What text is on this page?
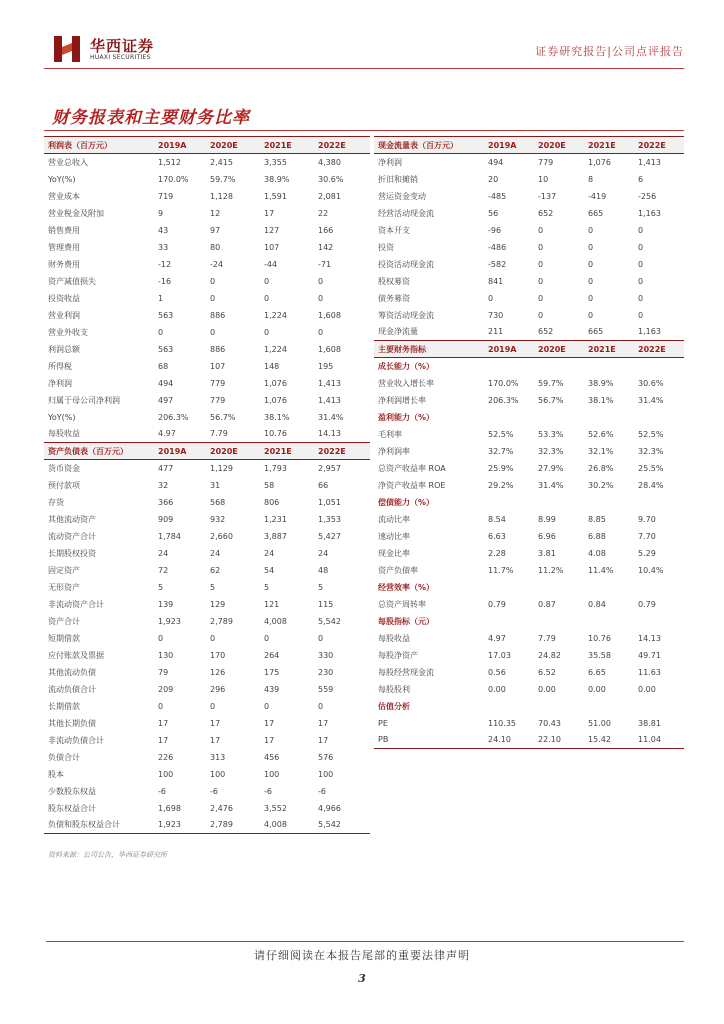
华西证券
HUAXI SECURITIES	证券研究报告|公司点评报告
财务报表和主要财务比率
利润表（百万元）	2019A	2020E	2021E	2022E
营业总收入	1,512	2,415	3,355	4,380
YoY(%)	170.0%	59.7%	38.9%	30.6%
营业成本	719	1,128	1,591	2,081
营业税金及附加	9	12	17	22
销售费用	43	97	127	166
管理费用	33	80	107	142
财务费用	-12	-24	-44	-71
资产减值损失	-16	0	0	0
投资收益	1	0	0	0
营业利润	563	886	1,224	1,608
营业外收支	0	0	0	0
利润总额	563	886	1,224	1,608
所得税	68	107	148	195
净利润	494	779	1,076	1,413
归属于母公司净利润	497	779	1,076	1,413
YoY(%)	206.3%	56.7%	38.1%	31.4%
每股收益	4.97	7.79	10.76	14.13
资产负债表（百万元）	2019A	2020E	2021E	2022E
货币资金	477	1,129	1,793	2,957
预付款项	32	31	58	66
存货	366	568	806	1,051
其他流动资产	909	932	1,231	1,353
流动资产合计	1,784	2,660	3,887	5,427
长期股权投资	24	24	24	24
固定资产	72	62	54	48
无形资产	5	5	5	5
非流动资产合计	139	129	121	115
资产合计	1,923	2,789	4,008	5,542
短期借款	0	0	0	0
应付账款及票据	130	170	264	330
其他流动负债	79	126	175	230
流动负债合计	209	296	439	559
长期借款	0	0	0	0
其他长期负债	17	17	17	17
非流动负债合计	17	17	17	17
负债合计	226	313	456	576
股本	100	100	100	100
少数股东权益	-6	-6	-6	-6
股东权益合计	1,698	2,476	3,552	4,966
负债和股东权益合计	1,923	2,789	4,008	5,542
现金流量表（百万元）	2019A	2020E	2021E	2022E
净利润	494	779	1,076	1,413
折旧和摊销	20	10	8	6
营运资金变动	-485	-137	-419	-256
经营活动现金流	56	652	665	1,163
资本开支	-96	0	0	0
投资	-486	0	0	0
投资活动现金流	-582	0	0	0
股权募资	841	0	0	0
债务募资	0	0	0	0
筹资活动现金流	730	0	0	0
现金净流量	211	652	665	1,163
主要财务指标	2019A	2020E	2021E	2022E
成长能力（%）				
营业收入增长率	170.0%	59.7%	38.9%	30.6%
净利润增长率	206.3%	56.7%	38.1%	31.4%
盈利能力（%）				
毛利率	52.5%	53.3%	52.6%	52.5%
净利润率	32.7%	32.3%	32.1%	32.3%
总资产收益率 ROA	25.9%	27.9%	26.8%	25.5%
净资产收益率 ROE	29.2%	31.4%	30.2%	28.4%
偿债能力（%）				
流动比率	8.54	8.99	8.85	9.70
速动比率	6.63	6.96	6.88	7.70
现金比率	2.28	3.81	4.08	5.29
资产负债率	11.7%	11.2%	11.4%	10.4%
经营效率（%）				
总资产周转率	0.79	0.87	0.84	0.79
每股指标（元）				
每股收益	4.97	7.79	10.76	14.13
每股净资产	17.03	24.82	35.58	49.71
每股经营现金流	0.56	6.52	6.65	11.63
每股股利	0.00	0.00	0.00	0.00
估值分析				
PE	110.35	70.43	51.00	38.81
PB	24.10	22.10	15.42	11.04
资料来源：公司公告，华西证券研究所
请仔细阅读在本报告尾部的重要法律声明
3
